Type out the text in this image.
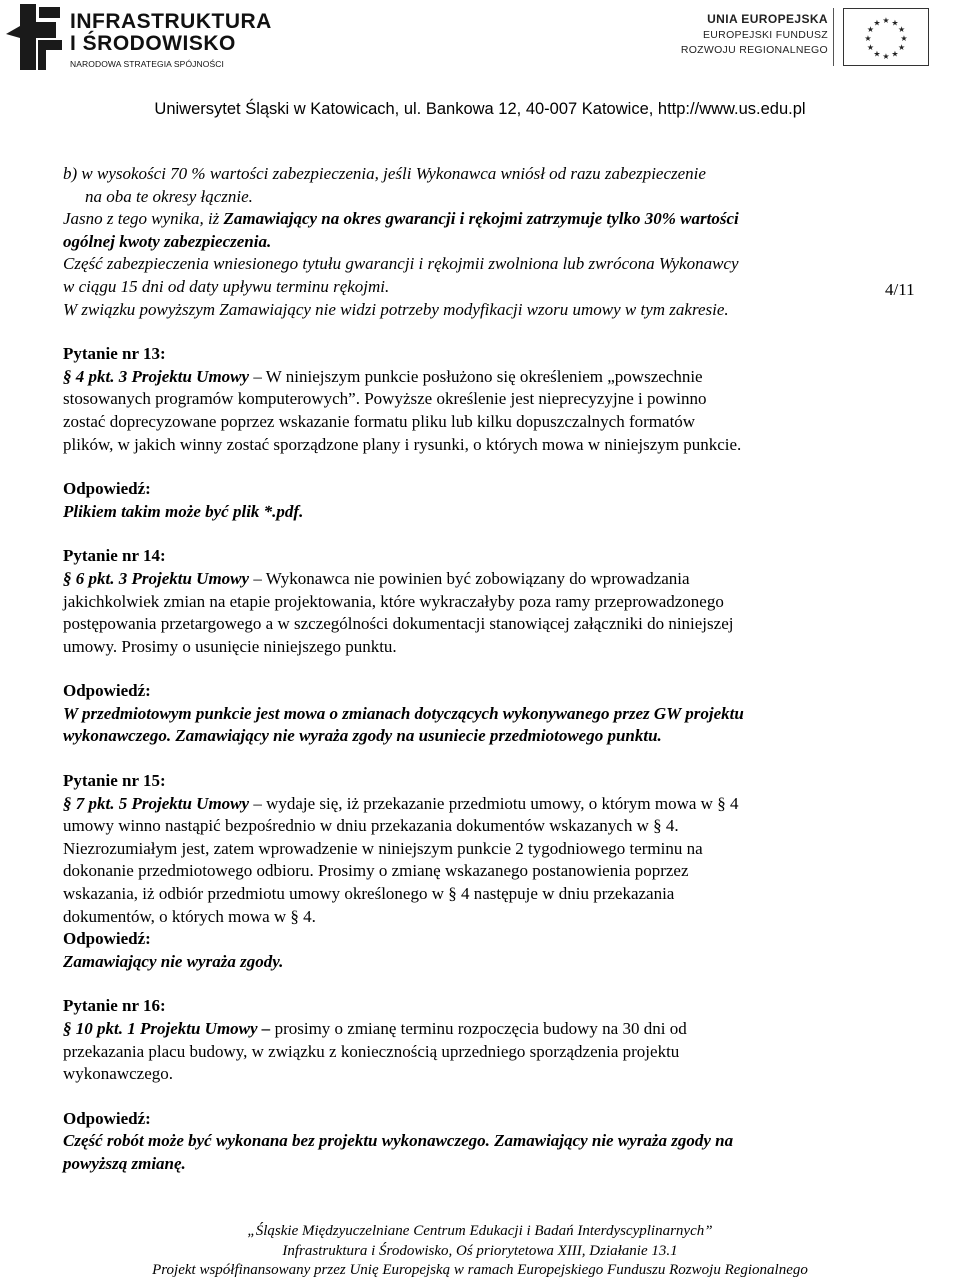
INFRASTRUKTURA
I ŚRODOWISKO
NARODOWA STRATEGIA SPÓJNOŚCI
UNIA EUROPEJSKA
EUROPEJSKI FUNDUSZ
ROZWOJU REGIONALNEGO
★ ★
★
★
★
★
★
★
★
★
★
★
Uniwersytet Śląski w Katowicach, ul. Bankowa 12, 40-007 Katowice, http://www.us.edu.pl
4/11

b) w wysokości 70 % wartości zabezpieczenia, jeśli Wykonawca wniósł od razu zabezpieczenie

na oba te okresy łącznie.

Jasno z tego wynika, iż Zamawiający na okres gwarancji i rękojmi zatrzymuje tylko 30% wartości

ogólnej kwoty zabezpieczenia.

Część zabezpieczenia wniesionego tytułu gwarancji i rękojmii zwolniona lub zwrócona Wykonawcy

w ciągu 15 dni od daty upływu terminu rękojmi.

W związku powyższym Zamawiający nie widzi potrzeby modyfikacji wzoru umowy w tym zakresie.

Pytanie nr 13:

§ 4 pkt. 3 Projektu Umowy – W niniejszym punkcie posłużono się określeniem „powszechnie

stosowanych programów komputerowych”. Powyższe określenie jest nieprecyzyjne i powinno

zostać doprecyzowane poprzez wskazanie formatu pliku lub kilku dopuszczalnych formatów

plików, w jakich winny zostać sporządzone plany i rysunki, o których mowa w niniejszym punkcie.

Odpowiedź:

Plikiem takim może być plik *.pdf.

Pytanie nr 14:

§ 6 pkt. 3 Projektu Umowy – Wykonawca nie powinien być zobowiązany do wprowadzania

jakichkolwiek zmian na etapie projektowania, które wykraczałyby poza ramy przeprowadzonego

postępowania przetargowego a w szczególności dokumentacji stanowiącej załączniki do niniejszej

umowy. Prosimy o usunięcie niniejszego punktu.

Odpowiedź:

W przedmiotowym punkcie jest mowa o zmianach dotyczących wykonywanego przez GW projektu

wykonawczego. Zamawiający nie wyraża zgody na usuniecie przedmiotowego punktu.

Pytanie nr 15:

§ 7 pkt. 5 Projektu Umowy – wydaje się, iż przekazanie przedmiotu umowy, o którym mowa w § 4

umowy winno nastąpić bezpośrednio w dniu przekazania dokumentów wskazanych w § 4.

Niezrozumiałym jest, zatem wprowadzenie w niniejszym punkcie 2 tygodniowego terminu na

dokonanie przedmiotowego odbioru. Prosimy o zmianę wskazanego postanowienia poprzez

wskazania, iż odbiór przedmiotu umowy określonego w § 4 następuje w dniu przekazania

dokumentów, o których mowa w § 4.

Odpowiedź:

Zamawiający nie wyraża zgody.

Pytanie nr 16:

§ 10 pkt. 1 Projektu Umowy – prosimy o zmianę terminu rozpoczęcia budowy na 30 dni od

przekazania placu budowy, w związku z koniecznością uprzedniego sporządzenia projektu

wykonawczego.

Odpowiedź:

Część robót może być wykonana bez projektu wykonawczego. Zamawiający nie wyraża zgody na

powyższą zmianę.

„Śląskie Międzyuczelniane Centrum Edukacji i Badań Interdyscyplinarnych”
Infrastruktura i Środowisko, Oś priorytetowa XIII, Działanie 13.1
Projekt współfinansowany przez Unię Europejską w ramach Europejskiego Funduszu Rozwoju Regionalnego
